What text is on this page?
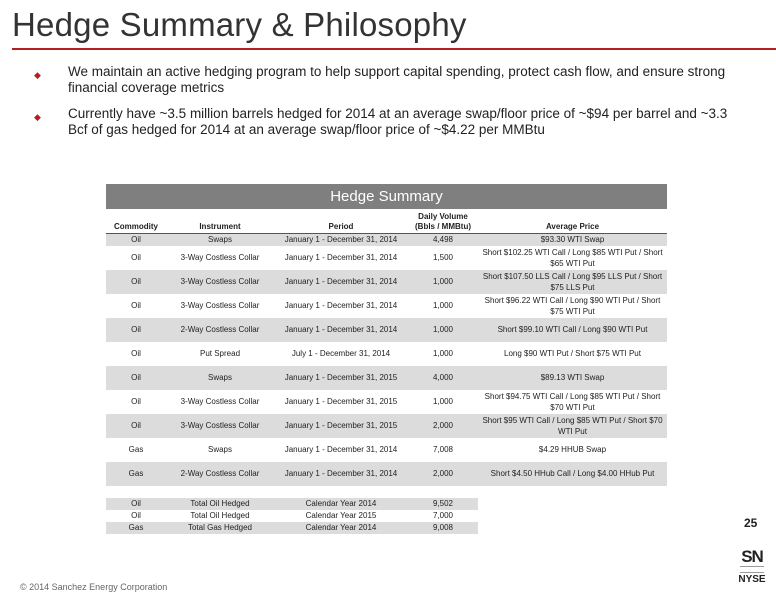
Hedge Summary & Philosophy
◆ We maintain an active hedging program to help support capital spending, protect cash flow, and ensure strong financial coverage metrics
◆ Currently have ~3.5 million barrels hedged for 2014 at an average swap/floor price of ~$94 per barrel and ~3.3 Bcf of gas hedged for 2014 at an average swap/floor price of ~$4.22 per MMBtu
Hedge Summary
Commodity	Instrument	Period	Daily Volume (Bbls / MMBtu)	Average Price
Oil	Swaps	January 1 - December 31, 2014	4,498	$93.30 WTI Swap
Oil	3-Way Costless Collar	January 1 - December 31, 2014	1,500	Short $102.25 WTI Call / Long $85 WTI Put / Short $65 WTI Put
Oil	3-Way Costless Collar	January 1 - December 31, 2014	1,000	Short $107.50 LLS Call / Long $95 LLS Put / Short $75 LLS Put
Oil	3-Way Costless Collar	January 1 - December 31, 2014	1,000	Short $96.22 WTI Call / Long $90 WTI Put / Short $75 WTI Put
Oil	2-Way Costless Collar	January 1 - December 31, 2014	1,000	Short $99.10 WTI Call / Long $90 WTI Put
Oil	Put Spread	July 1 - December 31, 2014	1,000	Long $90 WTI Put / Short $75 WTI Put
Oil	Swaps	January 1 - December 31, 2015	4,000	$89.13 WTI Swap
Oil	3-Way Costless Collar	January 1 - December 31, 2015	1,000	Short $94.75 WTI Call / Long $85 WTI Put / Short $70 WTI Put
Oil	3-Way Costless Collar	January 1 - December 31, 2015	2,000	Short $95 WTI Call / Long $85 WTI Put / Short $70 WTI Put
Gas	Swaps	January 1 - December 31, 2014	7,008	$4.29 HHUB Swap
Gas	2-Way Costless Collar	January 1 - December 31, 2014	2,000	Short $4.50 HHub Call / Long $4.00 HHub Put

Oil	Total Oil Hedged	Calendar Year 2014	9,502	
Oil	Total Oil Hedged	Calendar Year 2015	7,000	
Gas	Total Gas Hedged	Calendar Year 2014	9,008		25
SN
NYSE
© 2014 Sanchez Energy Corporation
